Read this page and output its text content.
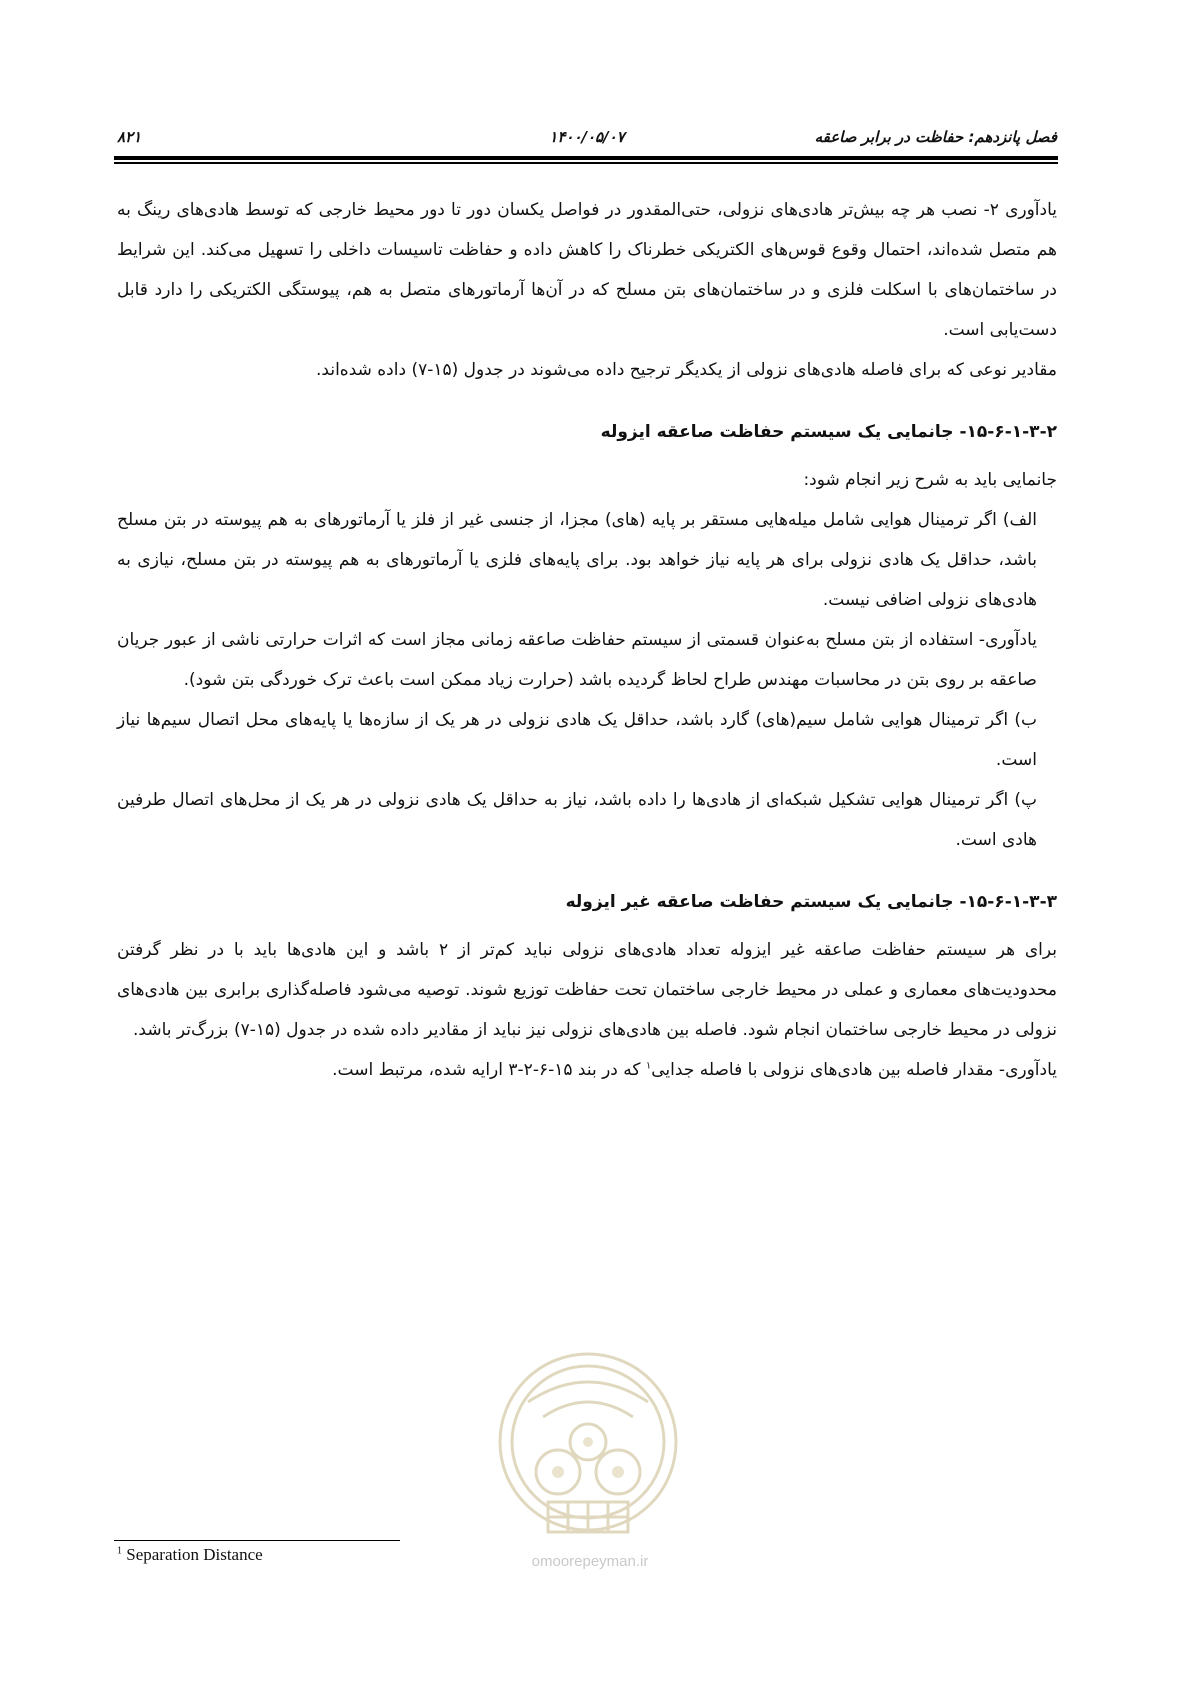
فصل پانزدهم: حفاظت در برابر صاعقه
۱۴۰۰/۰۵/۰۷
۸۲۱

یادآوری ۲- نصب هر چه بیش‌تر هادی‌های نزولی، حتی‌المقدور در فواصل یکسان دور تا دور محیط خارجی که توسط هادی‌های رینگ به هم متصل شده‌اند، احتمال وقوع قوس‌های الکتریکی خطرناک را کاهش داده و حفاظت تاسیسات داخلی را تسهیل می‌کند. این شرایط در ساختمان‌های با اسکلت فلزی و در ساختمان‌های بتن مسلح که در آن‌ها آرماتورهای متصل به هم، پیوستگی الکتریکی را دارد قابل دست‌یابی است.

مقادیر نوعی که برای فاصله هادی‌های نزولی از یکدیگر ترجیح داده می‌شوند در جدول (۱۵-۷) داده شده‌اند.

۱۵-۶-۱-۳-۲- جانمایی یک سیستم حفاظت صاعقه ایزوله

جانمایی باید به شرح زیر انجام شود:

الف) اگر ترمینال هوایی شامل میله‌هایی مستقر بر پایه (های) مجزا، از جنسی غیر از فلز یا آرماتورهای به هم پیوسته در بتن مسلح باشد، حداقل یک هادی نزولی برای هر پایه نیاز خواهد بود. برای پایه‌های فلزی یا آرماتورهای به هم پیوسته در بتن مسلح، نیازی به هادی‌های نزولی اضافی نیست.

یادآوری- استفاده از بتن مسلح به‌عنوان قسمتی از سیستم حفاظت صاعقه زمانی مجاز است که اثرات حرارتی ناشی از عبور جریان صاعقه بر روی بتن در محاسبات مهندس طراح لحاظ گردیده باشد (حرارت زیاد ممکن است باعث ترک خوردگی بتن شود).

ب) اگر ترمینال هوایی شامل سیم(های) گارد باشد، حداقل یک هادی نزولی در هر یک از سازه‌ها یا پایه‌های محل اتصال سیم‌ها نیاز است.

پ) اگر ترمینال هوایی تشکیل شبکه‌ای از هادی‌ها را داده باشد، نیاز به حداقل یک هادی نزولی در هر یک از محل‌های اتصال طرفین هادی است.

۱۵-۶-۱-۳-۳- جانمایی یک سیستم حفاظت صاعقه غیر ایزوله

برای هر سیستم حفاظت صاعقه غیر ایزوله تعداد هادی‌های نزولی نباید کم‌تر از ۲ باشد و این هادی‌ها باید با در نظر گرفتن محدودیت‌های معماری و عملی در محیط خارجی ساختمان تحت حفاظت توزیع شوند. توصیه می‌شود فاصله‌گذاری برابری بین هادی‌های نزولی در محیط خارجی ساختمان انجام شود. فاصله بین هادی‌های نزولی نیز نباید از مقادیر داده شده در جدول (۱۵-۷) بزرگ‌تر باشد.

یادآوری- مقدار فاصله بین هادی‌های نزولی با فاصله جدایی$^۱$ که در بند ۱۵-۶-۲-۳ ارایه شده، مرتبط است.

omoorepeyman.ir
$^1$ Separation Distance
